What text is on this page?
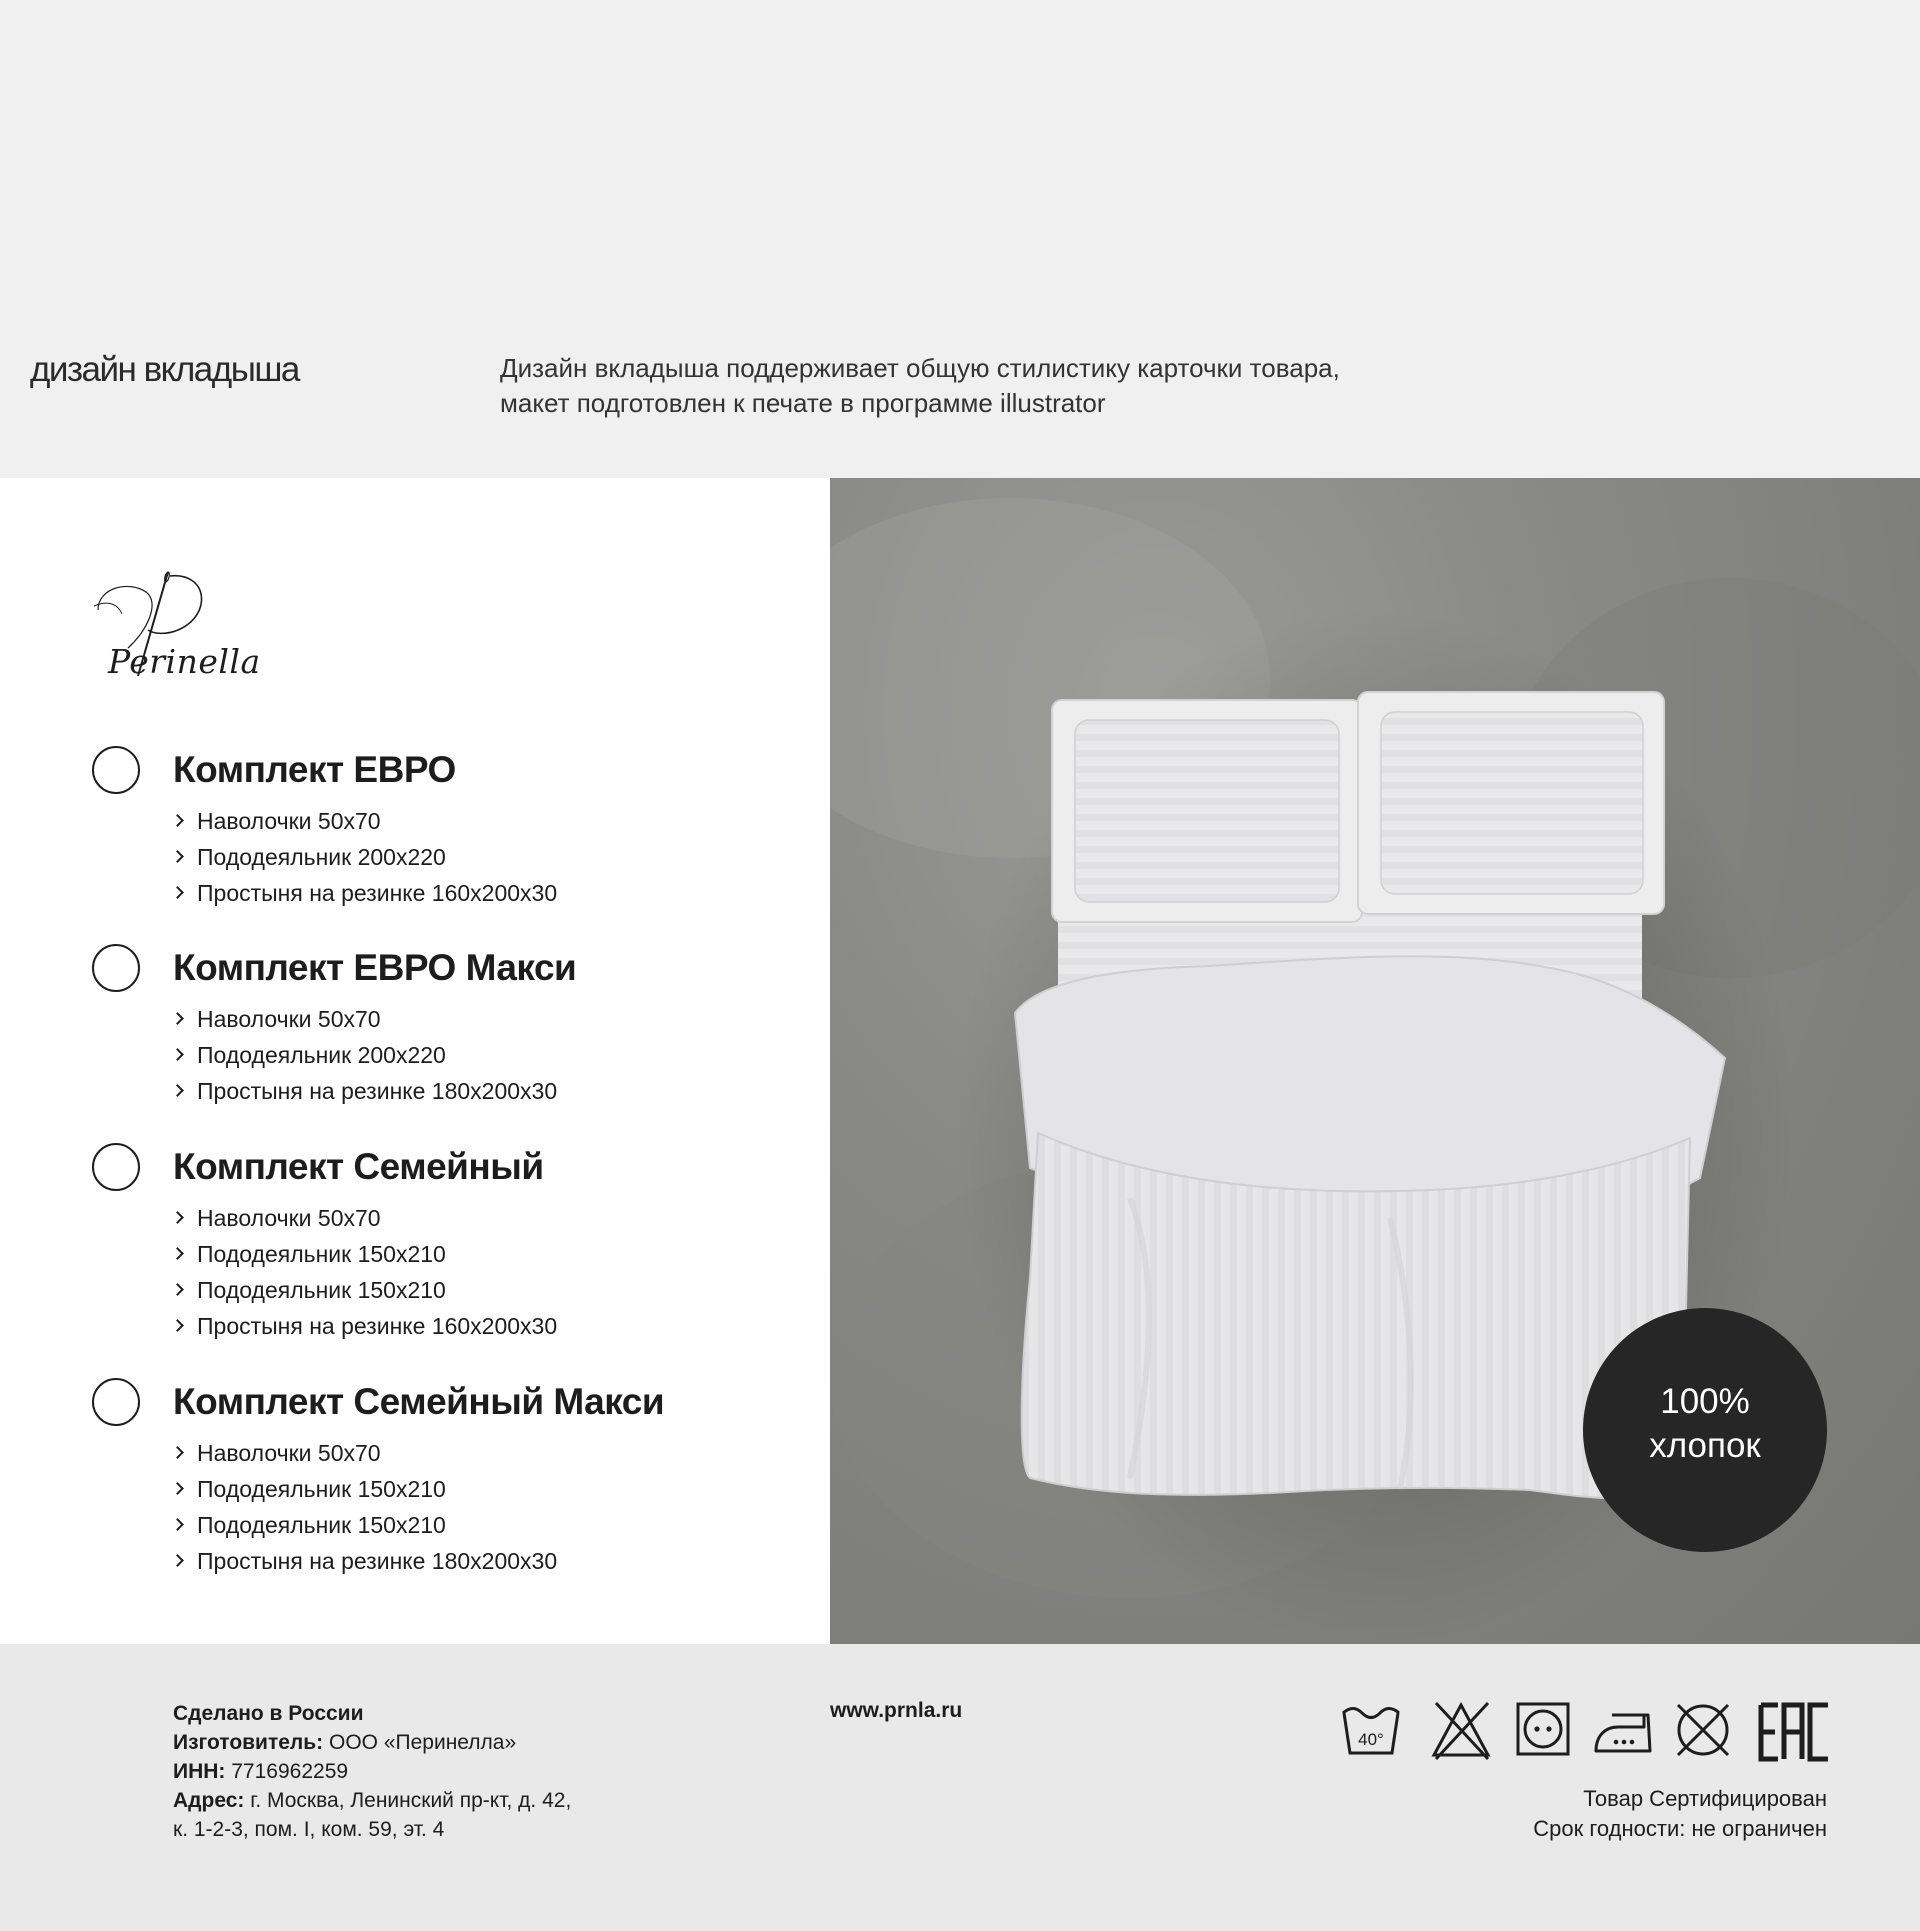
дизайн вкладыша	Дизайн вкладыша поддерживает общую стилистику карточки товара,
макет подготовлен к печате в программе illustrator
Perinella
Комплект ЕВРО
Наволочки 50х70
Пододеяльник 200х220
Простыня на резинке 160х200х30
Комплект ЕВРО Макси
Наволочки 50х70
Пододеяльник 200х220
Простыня на резинке 180х200х30
Комплект Семейный
Наволочки 50х70
Пододеяльник 150х210
Пододеяльник 150х210
Простыня на резинке 160х200х30
Комплект Семейный Макси
Наволочки 50х70
Пододеяльник 150х210
Пододеяльник 150х210
Простыня на резинке 180х200х30
100%
хлопок
Сделано в России
Изготовитель: ООО «Перинелла»
ИНН: 7716962259
Адрес: г. Москва, Ленинский пр-кт, д. 42,
к. 1-2-3, пом. I, ком. 59, эт. 4
www.prnla.ru
40°
Товар Сертифицирован
Срок годности: не ограничен
